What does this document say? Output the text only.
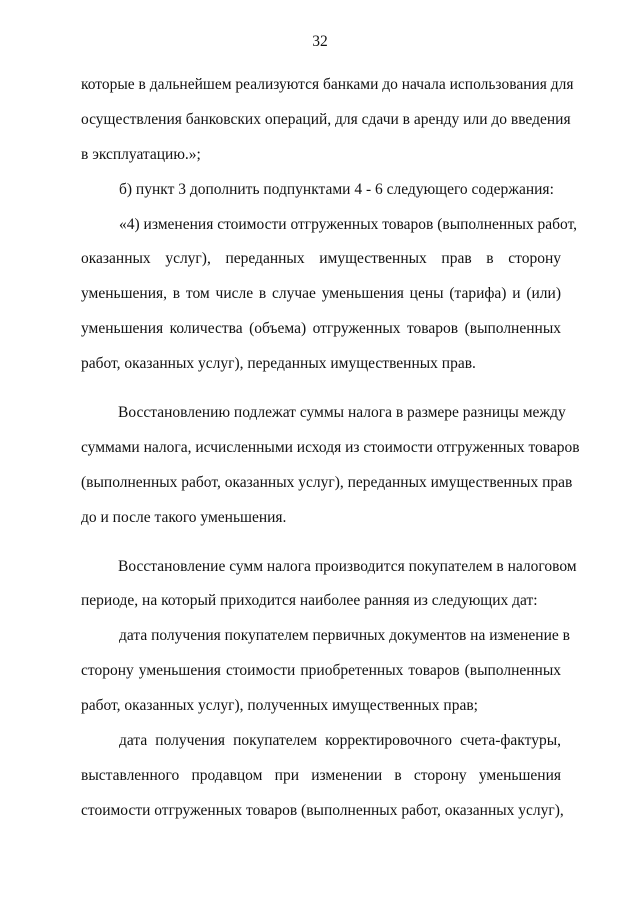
32
которые в дальнейшем реализуются банками до начала использования для
осуществления банковских операций, для сдачи в аренду или до введения
в эксплуатацию.»;
б) пункт 3 дополнить подпунктами 4 - 6 следующего содержания:
«4) изменения стоимости отгруженных товаров (выполненных работ,
оказанных услуг), переданных имущественных прав в сторону
уменьшения, в том числе в случае уменьшения цены (тарифа) и (или)
уменьшения количества (объема) отгруженных товаров (выполненных
работ, оказанных услуг), переданных имущественных прав.
Восстановлению подлежат суммы налога в размере разницы между
суммами налога, исчисленными исходя из стоимости отгруженных товаров
(выполненных работ, оказанных услуг), переданных имущественных прав
до и после такого уменьшения.
Восстановление сумм налога производится покупателем в налоговом
периоде, на который приходится наиболее ранняя из следующих дат:
дата получения покупателем первичных документов на изменение в
сторону уменьшения стоимости приобретенных товаров (выполненных
работ, оказанных услуг), полученных имущественных прав;
дата получения покупателем корректировочного счета-фактуры,
выставленного продавцом при изменении в сторону уменьшения
стоимости отгруженных товаров (выполненных работ, оказанных услуг),
